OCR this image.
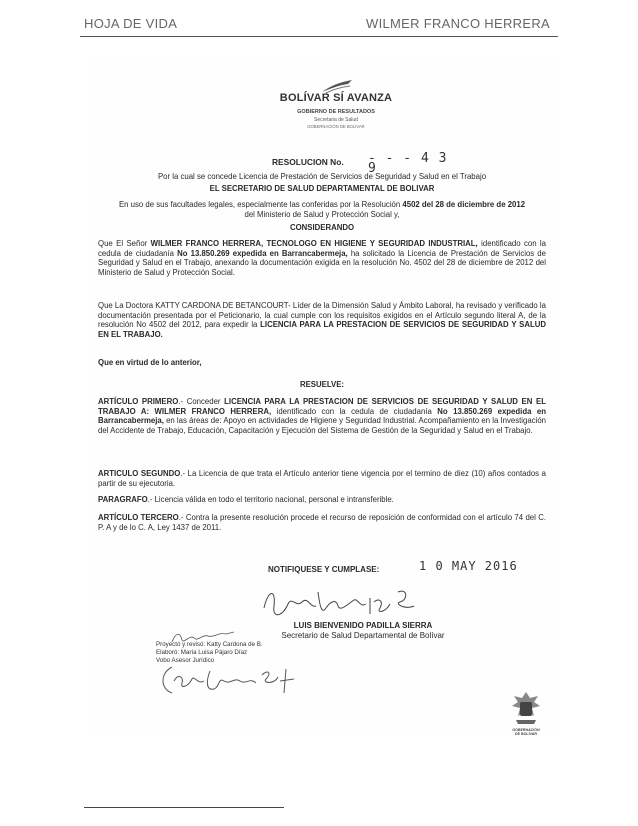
HOJA DE VIDA	WILMER FRANCO HERRERA
BOLÍVAR SÍ AVANZA
GOBIERNO DE RESULTADOS
Secretaria de Salud
GOBERNACIÓN DE BOLÍVAR
RESOLUCION No. - - - 4 3 9
Por la cual se concede Licencia de Prestación de Servicios de Seguridad y Salud en el Trabajo
EL SECRETARIO DE SALUD DEPARTAMENTAL DE BOLIVAR
En uso de sus facultades legales, especialmente las conferidas por la Resolución 4502 del 28 de diciembre de 2012 del Ministerio de Salud y Protección Social y,
CONSIDERANDO
Que El Señor WILMER FRANCO HERRERA, TECNOLOGO EN HIGIENE Y SEGURIDAD INDUSTRIAL, identificado con la cedula de ciudadanía No 13.850.269 expedida en Barrancabermeja, ha solicitado la Licencia de Prestación de Servicios de Seguridad y Salud en el Trabajo, anexando la documentación exigida en la resolución No. 4502 del 28 de diciembre de 2012 del Ministerio de Salud y Protección Social.
Que La Doctora KATTY CARDONA DE BETANCOURT- Líder de la Dimensión Salud y Ámbito Laboral, ha revisado y verificado la documentación presentada por el Peticionario, la cual cumple con los requisitos exigidos en el Artículo segundo literal A, de la resolución No 4502 del 2012, para expedir la LICENCIA PARA LA PRESTACION DE SERVICIOS DE SEGURIDAD Y SALUD EN EL TRABAJO.
Que en virtud de lo anterior,
RESUELVE:
ARTÍCULO PRIMERO.- Conceder LICENCIA PARA LA PRESTACION DE SERVICIOS DE SEGURIDAD Y SALUD EN EL TRABAJO A: WILMER FRANCO HERRERA, identificado con la cedula de ciudadanía No 13.850.269 expedida en Barrancabermeja, en las áreas de: Apoyo en actividades de Higiene y Seguridad Industrial. Acompañamiento en la Investigación del Accidente de Trabajo, Educación, Capacitación y Ejecución del Sistema de Gestión de la Seguridad y Salud en el Trabajo.
ARTICULO SEGUNDO.- La Licencia de que trata el Artículo anterior tiene vigencia por el termino de diez (10) años contados a partir de su ejecutoria.
PARAGRAFO.- Licencia válida en todo el territorio nacional, personal e intransferible.
ARTÍCULO TERCERO.- Contra la presente resolución procede el recurso de reposición de conformidad con el artículo 74 del C. P. A y de lo C. A, Ley 1437 de 2011.
NOTIFIQUESE Y CUMPLASE:	1 0 MAY 2016
LUIS BIENVENIDO PADILLA SIERRA
Secretario de Salud Departamental de Bolívar
Proyectó y revisó: Katty Cardona de B.
Elaboró: María Luisa Pájaro Díaz
Vobo Asesor Jurídico
GOBERNACIÓN
DE BOLÍVAR
